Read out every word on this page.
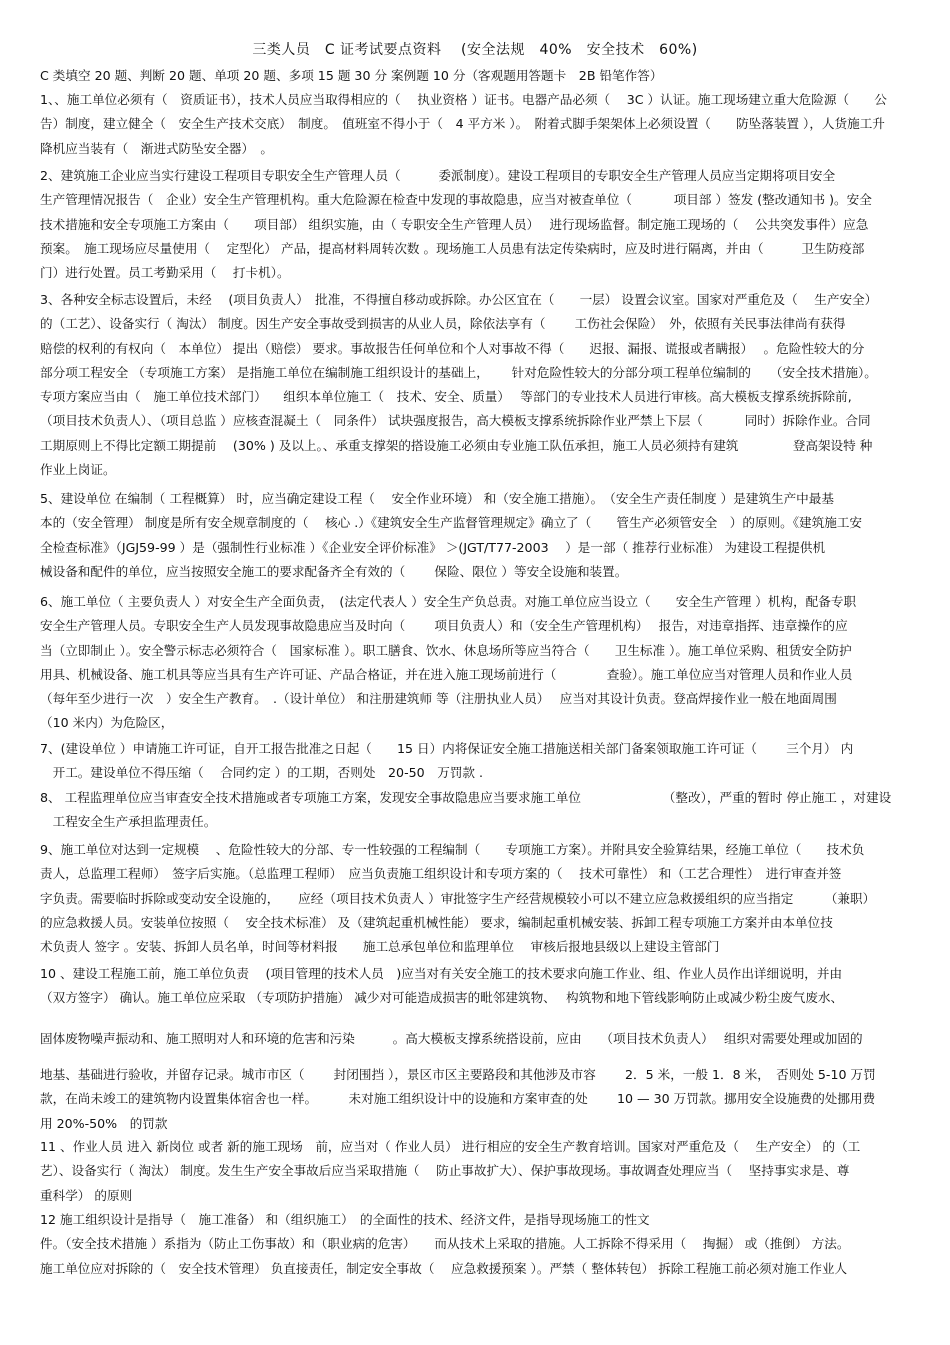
三类人员　C 证考试要点资料　 (安全法规　40%　安全技术　60%)
C 类填空 20 题、判断 20 题、单项 20 题、多项 15 题 30 分 案例题 10 分（客观题用答题卡　2B 铅笔作答）
1、、施工单位必须有（　资质证书），技术人员应当取得相应的（　 执业资格 ）证书。电器产品必须（　 3C ）认证。施工现场建立重大危险源（　　公
告）制度，建立健全（　安全生产技术交底）　制度。　值班室不得小于（　4 平方米 ）。　附着式脚手架架体上必须设置（　　防坠落装置 ），人货施工升
降机应当装有（　渐进式防坠安全器）　。
2、建筑施工企业应当实行建设工程项目专职安全生产管理人员（　　　委派制度）。建设工程项目的专职安全生产管理人员应当定期将项目安全
生产管理情况报告（　企业）安全生产管理机构。重大危险源在检查中发现的事故隐患，应当对被查单位（　　　 项目部 ）签发 (整改通知书 )。安全
技术措施和安全专项施工方案由（　　项目部） 组织实施，由（ 专职安全生产管理人员）　 进行现场监督。制定施工现场的（　 公共突发事件）应急
预案。　施工现场应尽量使用（　 定型化） 产品，提高材料周转次数 。现场施工人员患有法定传染病时，应及时进行隔离，并由（　　　卫生防疫部
门）进行处置。员工考勤采用（　 打卡机）。
3、各种安全标志设置后，未经　 (项目负责人）　批准，不得擅自移动或拆除。办公区宜在（　　一层） 设置会议室。国家对严重危及（　 生产安全）
的（工艺）、设备实行（ 淘汰） 制度。因生产安全事故受到损害的从业人员，除依法享有（　　 工伤社会保险）　外，依照有关民事法律尚有获得
赔偿的权利的有权向（　本单位） 提出（赔偿） 要求。事故报告任何单位和个人对事故不得（　　迟报、漏报、谎报或者瞒报）　 。危险性较大的分
部分项工程安全 （专项施工方案） 是指施工单位在编制施工组织设计的基础上，　　 针对危险性较大的分部分项工程单位编制的　　（安全技术措施）。
专项方案应当由（　施工单位技术部门） 　组织本单位施工（　技术、安全、质量）　 等部门的专业技术人员进行审核。高大模板支撑系统拆除前,
（项目技术负责人）、（项目总监 ）应核查混凝土（　同条件） 试块强度报告，高大模板支撑系统拆除作业严禁上下层（　　　 同时）拆除作业。合同
工期原则上不得比定额工期提前　 (30% ) 及以上。、承重支撑架的搭设施工必须由专业施工队伍承担，施工人员必须持有建筑　　　　 登高架设特 种
作业上岗证。
5、建设单位 在编制（ 工程概算） 时，应当确定建设工程（　 安全作业环境） 和（安全施工措施）。　（安全生产责任制度 ）是建筑生产中最基
本的（安全管理） 制度是所有安全规章制度的（　 核心 .）《建筑安全生产监督管理规定》确立了（　　管生产必须管安全　）的原则。《建筑施工安
全检查标准》（JGJ59-99 ）是（强制性行业标准 ）《企业安全评价标准》 ＞(JGT/T77-2003　 ）是一部（ 推荐行业标准） 为建设工程提供机
械设备和配件的单位，应当按照安全施工的要求配备齐全有效的（　　 保险、限位 ）等安全设施和装置。
6、施工单位（ 主要负责人 ）对安全生产全面负责，　(法定代表人 ）安全生产负总责。对施工单位应当设立（　　安全生产管理 ）机构，配备专职
安全生产管理人员。专职安全生产人员发现事故隐患应当及时向（　　 项目负责人）和（安全生产管理机构）　 报告，对违章指挥、违章操作的应
当（立即制止 ）。安全警示标志必须符合（　国家标准 ）。职工膳食、饮水、休息场所等应当符合（　　卫生标准 ）。施工单位采购、租赁安全防护
用具、机械设备、施工机具等应当具有生产许可证、产品合格证，并在进入施工现场前进行（　　　　查验）。施工单位应当对管理人员和作业人员
（每年至少进行一次　）安全生产教育。　.（设计单位） 和注册建筑师 等（注册执业人员）　 应当对其设计负责。登高焊接作业一般在地面周围
（10 米内）为危险区，
7、(建设单位 ）申请施工许可证，自开工报告批准之日起（　　15 日）内将保证安全施工措施送相关部门备案领取施工许可证（　　 三个月） 内
　开工。建设单位不得压缩（　 合同约定 ）的工期，否则处　20-50　万罚款 .
8、 工程监理单位应当审查安全技术措施或者专项施工方案，发现安全事故隐患应当要求施工单位　　　　　　　（整改），严重的暂时 停止施工 ，对建设
　工程安全生产承担监理责任。
9、施工单位对达到一定规模　 、危险性较大的分部、专一性较强的工程编制（　　专项施工方案）。并附具安全验算结果，经施工单位（　　技术负
责人，总监理工程师）　签字后实施。（总监理工程师）　应当负责施工组织设计和专项方案的（　 技术可靠性） 和（工艺合理性）　进行审查并签
字负责。需要临时拆除或变动安全设施的，　　应经（项目技术负责人 ）审批签字生产经营规模较小可以不建立应急救援组织的应当指定　　　（兼职）
的应急救援人员。安装单位按照（　 安全技术标准） 及（建筑起重机械性能） 要求，编制起重机械安装、拆卸工程专项施工方案并由本单位技
术负责人 签字 。安装、拆卸人员名单，时间等材料报　　施工总承包单位和监理单位　 审核后报地县级以上建设主管部门
10 、建设工程施工前，施工单位负责　 (项目管理的技术人员　)应当对有关安全施工的技术要求向施工作业、组、作业人员作出详细说明，并由
（双方签字） 确认。施工单位应采取 （专项防护措施） 减少对可能造成损害的毗邻建筑物、　 构筑物和地下管线影响防止或减少粉尘废气废水、
固体废物噪声振动和、施工照明对人和环境的危害和污染　　　。高大模板支撑系统搭设前，应由　　（项目技术负责人）　 组织对需要处理或加固的
地基、基础进行验收，并留存记录。城市市区（　　 封闭围挡 ），景区市区主要路段和其他涉及市容　　 2．5 米，一般 1．8 米，　否则处 5-10 万罚
款，在尚未竣工的建筑物内设置集体宿舍也一样。　　　未对施工组织设计中的设施和方案审查的处　　 10 — 30 万罚款。挪用安全设施费的处挪用费
用 20%-50%　的罚款
11 、作业人员 进入 新岗位 或者 新的施工现场　前，应当对（ 作业人员） 进行相应的安全生产教育培训。国家对严重危及（　 生产安全） 的（工
艺）、设备实行（ 淘汰） 制度。发生生产安全事故后应当采取措施（　 防止事故扩大）、保护事故现场。事故调查处理应当（　 坚持事实求是、尊
重科学） 的原则
12 施工组织设计是指导（　施工准备） 和（组织施工）　的全面性的技术、经济文件，是指导现场施工的性文
件。（安全技术措施 ）系指为（防止工伤事故）和（职业病的危害）　　而从技术上采取的措施。人工拆除不得采用（　 掏掘） 或（推倒） 方法。
施工单位应对拆除的（　安全技术管理） 负直接责任，制定安全事故（　 应急救援预案 ）。严禁（ 整体转包） 拆除工程施工前必须对施工作业人
